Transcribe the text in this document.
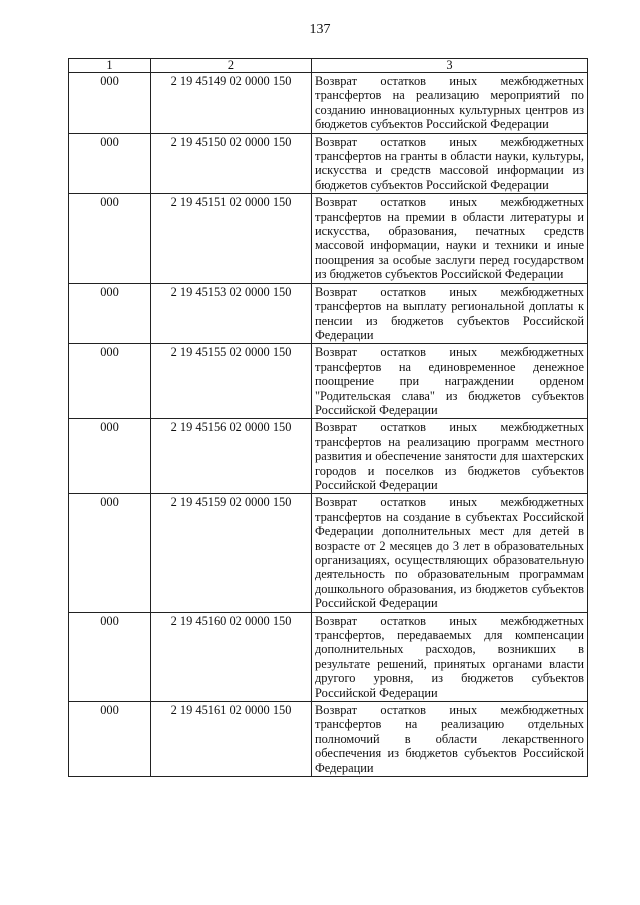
137
1	2	3
000	2 19 45149 02 0000 150	Возврат остатков иных межбюджетных трансфертов на реализацию мероприятий по созданию инновационных культурных центров из бюджетов субъектов Российской Федерации
000	2 19 45150 02 0000 150	Возврат остатков иных межбюджетных трансфертов на гранты в области науки, культуры, искусства и средств массовой информации из бюджетов субъектов Российской Федерации
000	2 19 45151 02 0000 150	Возврат остатков иных межбюджетных трансфертов на премии в области литературы и искусства, образования, печатных средств массовой информации, науки и техники и иные поощрения за особые заслуги перед государством из бюджетов субъектов Российской Федерации
000	2 19 45153 02 0000 150	Возврат остатков иных межбюджетных трансфертов на выплату региональной доплаты к пенсии из бюджетов субъектов Российской Федерации
000	2 19 45155 02 0000 150	Возврат остатков иных межбюджетных трансфертов на единовременное денежное поощрение при награждении орденом "Родительская слава" из бюджетов субъектов Российской Федерации
000	2 19 45156 02 0000 150	Возврат остатков иных межбюджетных трансфертов на реализацию программ местного развития и обеспечение занятости для шахтерских городов и поселков из бюджетов субъектов Российской Федерации
000	2 19 45159 02 0000 150	Возврат остатков иных межбюджетных трансфертов на создание в субъектах Российской Федерации дополнительных мест для детей в возрасте от 2 месяцев до 3 лет в образовательных организациях, осуществляющих образовательную деятельность по образовательным программам дошкольного образования, из бюджетов субъектов Российской Федерации
000	2 19 45160 02 0000 150	Возврат остатков иных межбюджетных трансфертов, передаваемых для компенсации дополнительных расходов, возникших в результате решений, принятых органами власти другого уровня, из бюджетов субъектов Российской Федерации
000	2 19 45161 02 0000 150	Возврат остатков иных межбюджетных трансфертов на реализацию отдельных полномочий в области лекарственного обеспечения из бюджетов субъектов Российской Федерации
